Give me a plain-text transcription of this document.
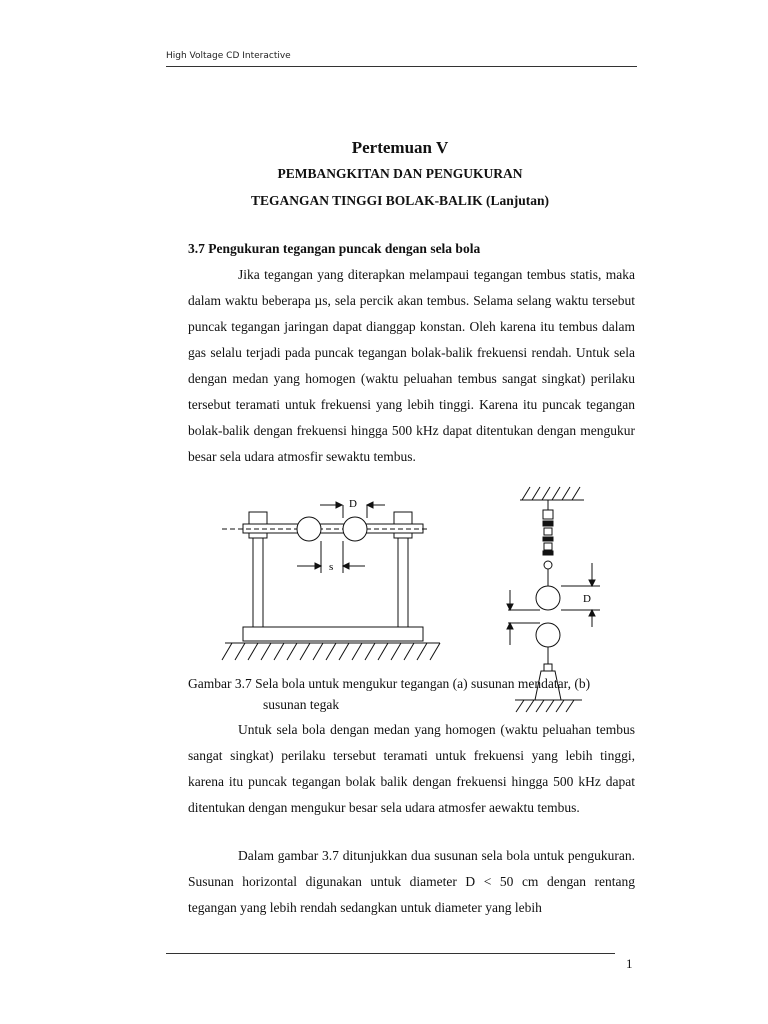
High Voltage CD Interactive
Pertemuan V
PEMBANGKITAN DAN PENGUKURAN
TEGANGAN TINGGI BOLAK-BALIK (Lanjutan)
3.7 Pengukuran tegangan puncak dengan sela bola

Jika tegangan yang diterapkan melampaui tegangan tembus statis, maka dalam waktu beberapa µs, sela percik akan tembus. Selama selang waktu tersebut puncak tegangan jaringan dapat dianggap konstan. Oleh karena itu tembus dalam gas selalu terjadi pada puncak tegangan bolak-balik frekuensi rendah. Untuk sela dengan medan yang homogen (waktu peluahan tembus sangat singkat) perilaku tersebut teramati untuk frekuensi yang lebih tinggi. Karena itu puncak tegangan bolak-balik dengan frekuensi hingga 500 kHz dapat ditentukan dengan mengukur besar sela udara atmosfir sewaktu tembus.

D
s
D
Gambar 3.7 Sela bola untuk mengukur tegangan (a) susunan mendatar, (b)
susunan tegak

Untuk sela bola dengan medan yang homogen (waktu peluahan tembus sangat singkat) perilaku tersebut teramati untuk frekuensi yang lebih tinggi, karena itu puncak tegangan bolak balik dengan frekuensi hingga 500 kHz dapat ditentukan dengan mengukur besar sela udara atmosfer aewaktu tembus.

Dalam gambar 3.7 ditunjukkan dua susunan sela bola untuk pengukuran. Susunan horizontal digunakan untuk diameter D < 50 cm dengan rentang tegangan yang lebih rendah sedangkan untuk diameter yang lebih

1
